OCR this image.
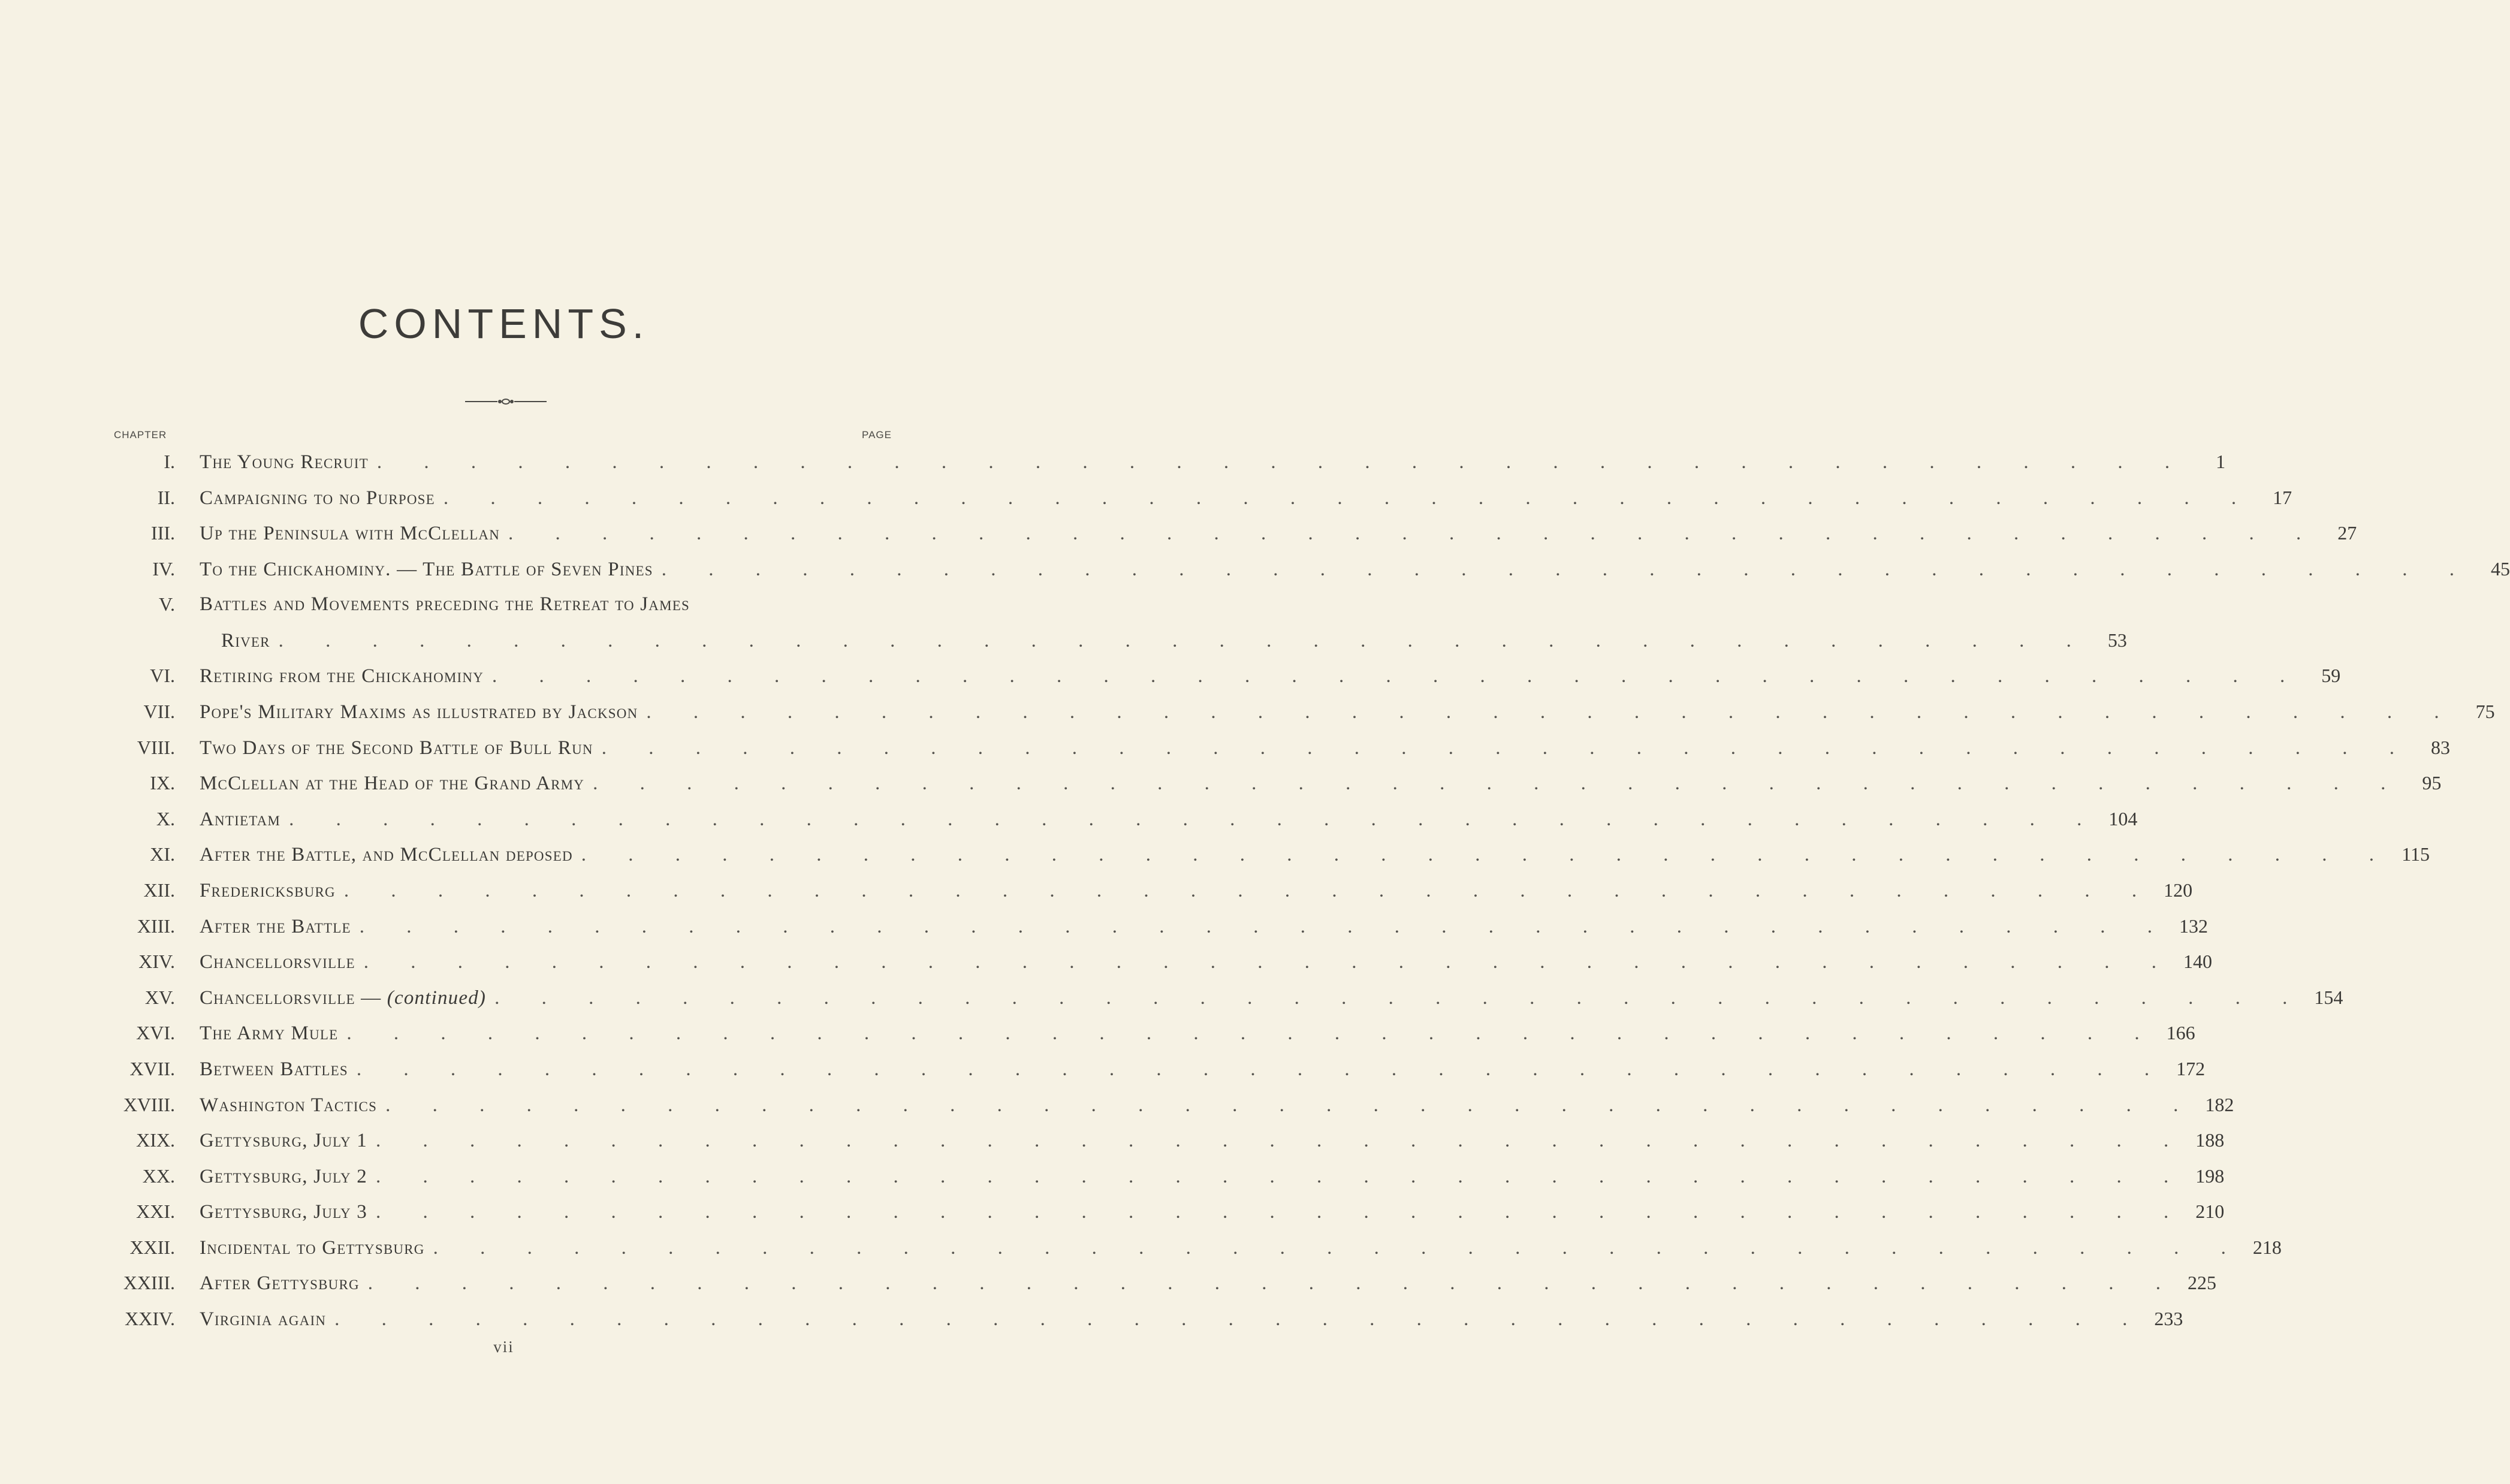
CONTENTS.
CHAPTER	PAGE
I. The Young Recruit . . . . . . . . . . . . . . . . . . . . . . . . . . . . . . . . . . . . . . .	1
II. Campaigning to no Purpose . . . . . . . . . . . . . . . . . . . . . . . . . . . . . . . . . . . . . . . 17
III. Up the Peninsula with McClellan . . . . . . . . . . . . . . . . . . . . . . . . . . . . . . . . . . . . . . . 27
IV. To the Chickahominy. — The Battle of Seven Pines . . . . . . . . . . . . . . . . . . . . . . . . . . . . . . . . . . . . . . . 45
V. Battles and Movements preceding the Retreat to James
River . . . . . . . . . . . . . . . . . . . . . . . . . . . . . . . . . . . . . . . 53
VI. Retiring from the Chickahominy . . . . . . . . . . . . . . . . . . . . . . . . . . . . . . . . . . . . . . . 59
VII. Pope's Military Maxims as illustrated by Jackson . . . . . . . . . . . . . . . . . . . . . . . . . . . . . . . . . . . . . . . 75
VIII. Two Days of the Second Battle of Bull Run . . . . . . . . . . . . . . . . . . . . . . . . . . . . . . . . . . . . . . . 83
IX. McClellan at the Head of the Grand Army . . . . . . . . . . . . . . . . . . . . . . . . . . . . . . . . . . . . . . . 95
X. Antietam . . . . . . . . . . . . . . . . . . . . . . . . . . . . . . . . . . . . . . . 104
XI. After the Battle, and McClellan deposed . . . . . . . . . . . . . . . . . . . . . . . . . . . . . . . . . . . . . . . 115
XII. Fredericksburg . . . . . . . . . . . . . . . . . . . . . . . . . . . . . . . . . . . . . . . 120
XIII. After the Battle . . . . . . . . . . . . . . . . . . . . . . . . . . . . . . . . . . . . . . . 132
XIV. Chancellorsville . . . . . . . . . . . . . . . . . . . . . . . . . . . . . . . . . . . . . . . 140
XV. Chancellorsville — (continued) . . . . . . . . . . . . . . . . . . . . . . . . . . . . . . . . . . . . . . . 154
XVI. The Army Mule . . . . . . . . . . . . . . . . . . . . . . . . . . . . . . . . . . . . . . . 166
XVII. Between Battles . . . . . . . . . . . . . . . . . . . . . . . . . . . . . . . . . . . . . . . 172
XVIII. Washington Tactics . . . . . . . . . . . . . . . . . . . . . . . . . . . . . . . . . . . . . . . 182
XIX. Gettysburg, July 1 . . . . . . . . . . . . . . . . . . . . . . . . . . . . . . . . . . . . . . . 188
XX. Gettysburg, July 2 . . . . . . . . . . . . . . . . . . . . . . . . . . . . . . . . . . . . . . . 198
XXI. Gettysburg, July 3 . . . . . . . . . . . . . . . . . . . . . . . . . . . . . . . . . . . . . . . 210
XXII. Incidental to Gettysburg . . . . . . . . . . . . . . . . . . . . . . . . . . . . . . . . . . . . . . . 218
XXIII. After Gettysburg . . . . . . . . . . . . . . . . . . . . . . . . . . . . . . . . . . . . . . . 225
XXIV. Virginia again . . . . . . . . . . . . . . . . . . . . . . . . . . . . . . . . . . . . . . . 233
vii
